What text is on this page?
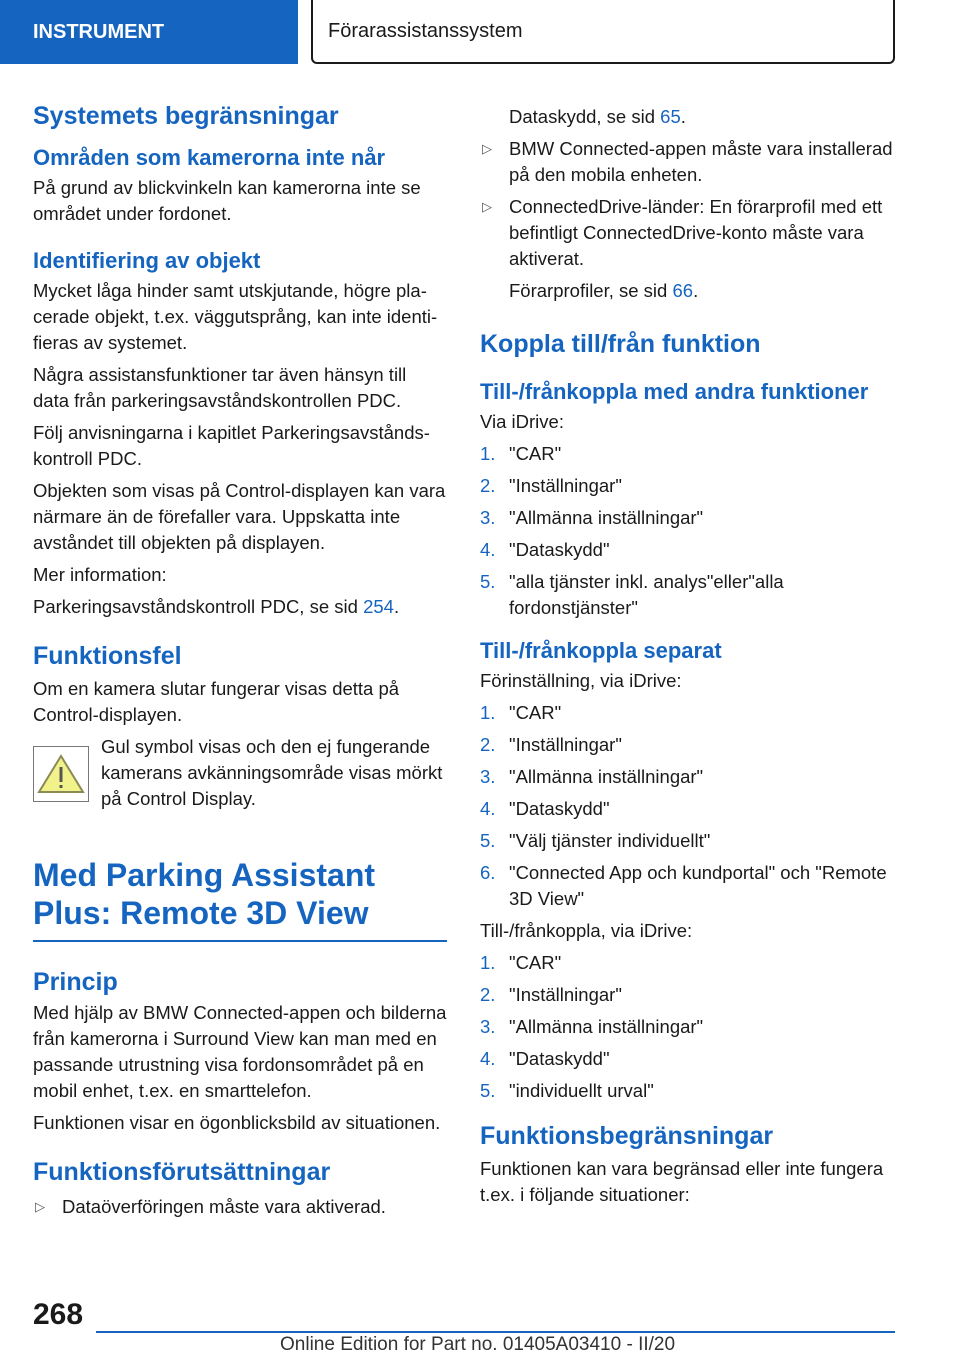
INSTRUMENT	Förarassistanssystem
Systemets begränsningar
Områden som kamerorna inte når

På grund av blickvinkeln kan kamerorna inte se området under fordonet.

Identifiering av objekt

Mycket låga hinder samt utskjutande, högre placerade objekt, t.ex. väggutsprång, kan inte identifieras av systemet.

Några assistansfunktioner tar även hänsyn till data från parkeringsavståndskontrollen PDC.

Följ anvisningarna i kapitlet Parkeringsavståndskontroll PDC.

Objekten som visas på Control-displayen kan vara närmare än de förefaller vara. Uppskatta inte avståndet till objekten på displayen.

Mer information:

Parkeringsavståndskontroll PDC, se sid 254.

Funktionsfel

Om en kamera slutar fungerar visas detta på Control-displayen.

Gul symbol visas och den ej fungerande kamerans avkänningsområde visas mörkt på Control Display.
Med Parking Assistant Plus: Remote 3D View
Princip

Med hjälp av BMW Connected-appen och bilderna från kamerorna i Surround View kan man med en passande utrustning visa fordonsområdet på en mobil enhet, t.ex. en smarttelefon.

Funktionen visar en ögonblicksbild av situationen.

Funktionsförutsättningar
▷ Dataöverföringen måste vara aktiverad.

Dataskydd, se sid 65.

▷ BMW Connected-appen måste vara installerad på den mobila enheten.
▷ ConnectedDrive-länder: En förarprofil med ett befintligt ConnectedDrive-konto måste vara aktiverat.

Förarprofiler, se sid 66.

Koppla till/från funktion
Till-/frånkoppla med andra funktioner

Via iDrive:

1. "CAR"
2. "Inställningar"
3. "Allmänna inställningar"
4. "Dataskydd"
5. "alla tjänster inkl. analys"eller"alla fordonstjänster"
Till-/frånkoppla separat

Förinställning, via iDrive:

1. "CAR"
2. "Inställningar"
3. "Allmänna inställningar"
4. "Dataskydd"
5. "Välj tjänster individuellt"
6. "Connected App och kundportal" och "Remote 3D View"

Till-/frånkoppla, via iDrive:

1. "CAR"
2. "Inställningar"
3. "Allmänna inställningar"
4. "Dataskydd"
5. "individuellt urval"
Funktionsbegränsningar

Funktionen kan vara begränsad eller inte fungera t.ex. i följande situationer:

268
Online Edition for Part no. 01405A03410 - II/20
